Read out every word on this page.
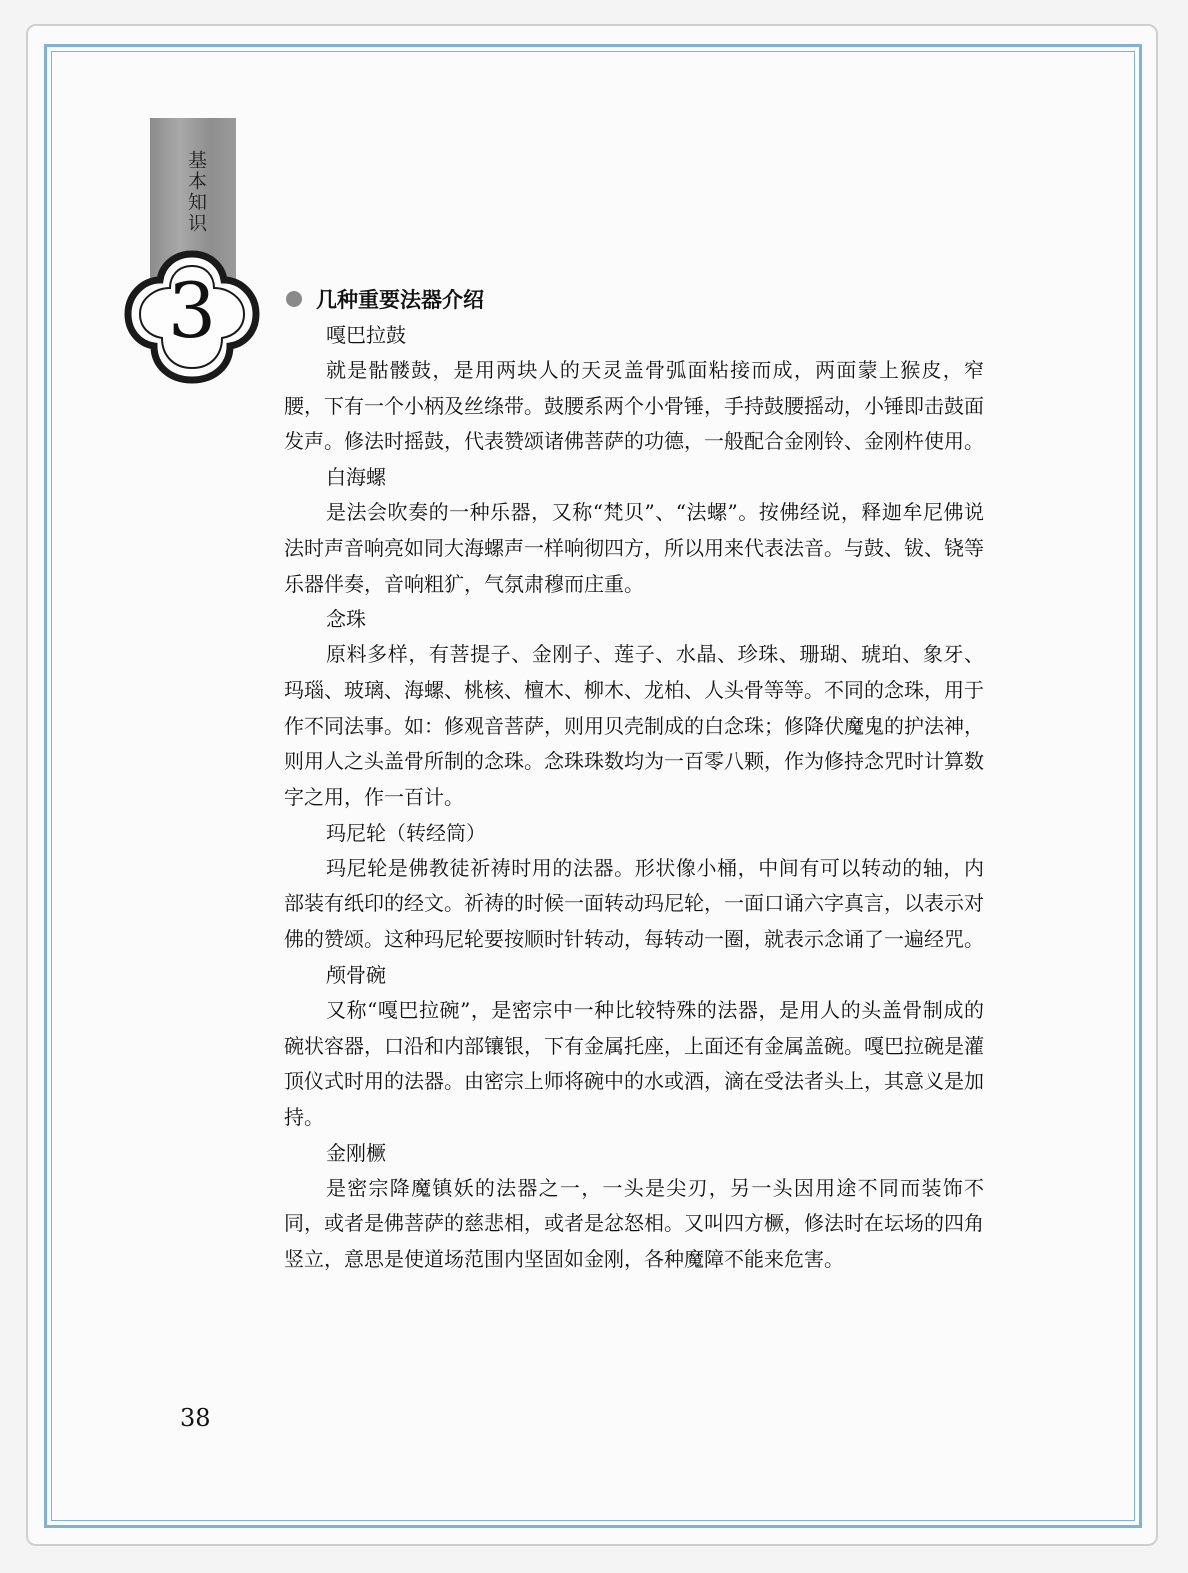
基本知识
3	几种重要法器介绍
嘎巴拉鼓

就是骷髅鼓，是用两块人的天灵盖骨弧面粘接而成，两面蒙上猴皮，窄腰，下有一个小柄及丝绦带。鼓腰系两个小骨锤，手持鼓腰摇动，小锤即击鼓面发声。修法时摇鼓，代表赞颂诸佛菩萨的功德，一般配合金刚铃、金刚杵使用。

白海螺

是法会吹奏的一种乐器，又称“梵贝”、“法螺”。按佛经说，释迦牟尼佛说法时声音响亮如同大海螺声一样响彻四方，所以用来代表法音。与鼓、钹、铙等乐器伴奏，音响粗犷，气氛肃穆而庄重。

念珠

原料多样，有菩提子、金刚子、莲子、水晶、珍珠、珊瑚、琥珀、象牙、玛瑙、玻璃、海螺、桃核、檀木、柳木、龙柏、人头骨等等。不同的念珠，用于作不同法事。如：修观音菩萨，则用贝壳制成的白念珠；修降伏魔鬼的护法神，则用人之头盖骨所制的念珠。念珠珠数均为一百零八颗，作为修持念咒时计算数字之用，作一百计。

玛尼轮（转经筒）

玛尼轮是佛教徒祈祷时用的法器。形状像小桶，中间有可以转动的轴，内部装有纸印的经文。祈祷的时候一面转动玛尼轮，一面口诵六字真言，以表示对佛的赞颂。这种玛尼轮要按顺时针转动，每转动一圈，就表示念诵了一遍经咒。

颅骨碗

又称“嘎巴拉碗”，是密宗中一种比较特殊的法器，是用人的头盖骨制成的碗状容器，口沿和内部镶银，下有金属托座，上面还有金属盖碗。嘎巴拉碗是灌顶仪式时用的法器。由密宗上师将碗中的水或酒，滴在受法者头上，其意义是加持。

金刚橛

是密宗降魔镇妖的法器之一，一头是尖刃，另一头因用途不同而装饰不同，或者是佛菩萨的慈悲相，或者是忿怒相。又叫四方橛，修法时在坛场的四角竖立，意思是使道场范围内坚固如金刚，各种魔障不能来危害。

38
